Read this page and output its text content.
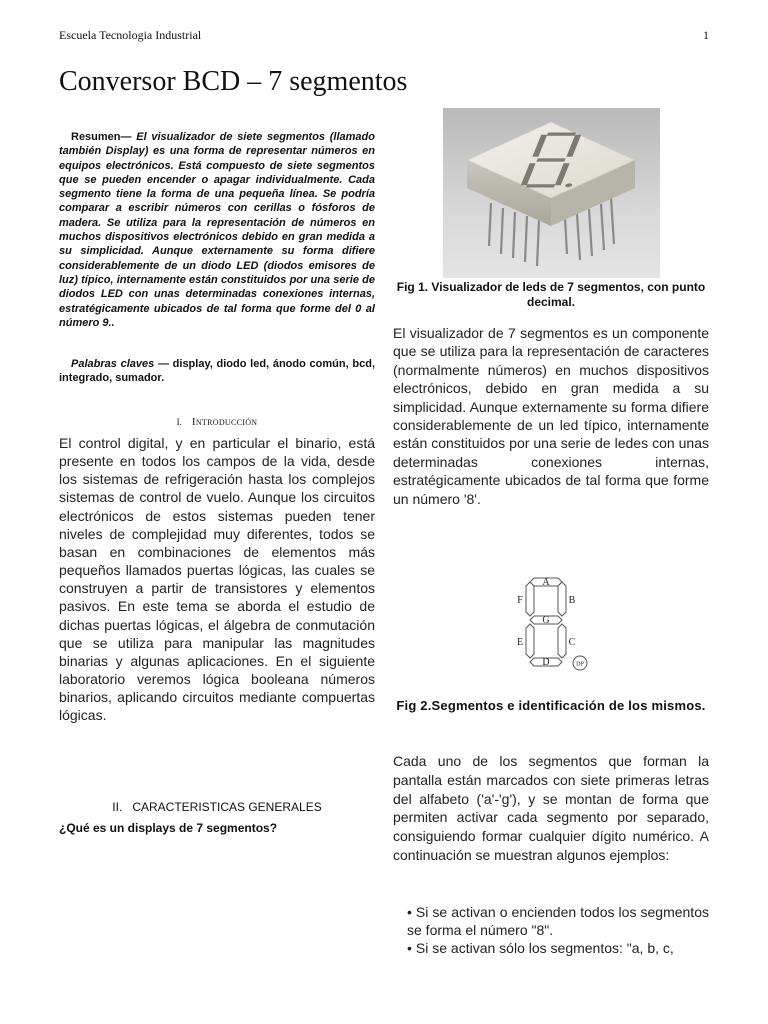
Escuela Tecnologia Industrial	1
Conversor BCD – 7 segmentos

Resumen— El visualizador de siete segmentos (llamado también Display) es una forma de representar números en equipos electrónicos. Está compuesto de siete segmentos que se pueden encender o apagar individualmente. Cada segmento tiene la forma de una pequeña línea. Se podría comparar a escribir números con cerillas o fósforos de madera. Se utiliza para la representación de números en muchos dispositivos electrónicos debido en gran medida a su simplicidad. Aunque externamente su forma difiere considerablemente de un diodo LED (diodos emisores de luz) típico, internamente están constituidos por una serie de diodos LED con unas determinadas conexiones internas, estratégicamente ubicados de tal forma que forme del 0 al número 9..

Palabras claves — display, diodo led, ánodo común, bcd, integrado, sumador.

I. Introducción

El control digital, y en particular el binario, está presente en todos los campos de la vida, desde los sistemas de refrigeración hasta los complejos sistemas de control de vuelo. Aunque los circuitos electrónicos de estos sistemas pueden tener niveles de complejidad muy diferentes, todos se basan en combinaciones de elementos más pequeños llamados puertas lógicas, las cuales se construyen a partir de transistores y elementos pasivos. En este tema se aborda el estudio de dichas puertas lógicas, el álgebra de conmutación que se utiliza para manipular las magnitudes binarias y algunas aplicaciones. En el siguiente laboratorio veremos lógica booleana números binarios, aplicando circuitos mediante compuertas lógicas.

II. CARACTERISTICAS GENERALES
¿Qué es un displays de 7 segmentos?
Fig 1. Visualizador de leds de 7 segmentos, con punto decimal.

El visualizador de 7 segmentos es un componente que se utiliza para la representación de caracteres (normalmente números) en muchos dispositivos electrónicos, debido en gran medida a su simplicidad. Aunque externamente su forma difiere considerablemente de un led típico, internamente están constituidos por una serie de ledes con unas determinadas conexiones internas, estratégicamente ubicados de tal forma que forme un número '8'.

A
F	B
G
E	C
D	DP
Fig 2.Segmentos e identificación de los mismos.

Cada uno de los segmentos que forman la pantalla están marcados con siete primeras letras del alfabeto ('a'-'g'), y se montan de forma que permiten activar cada segmento por separado, consiguiendo formar cualquier dígito numérico. A continuación se muestran algunos ejemplos:

• Si se activan o encienden todos los segmentos se forma el número "8".
• Si se activan sólo los segmentos: "a, b, c,
